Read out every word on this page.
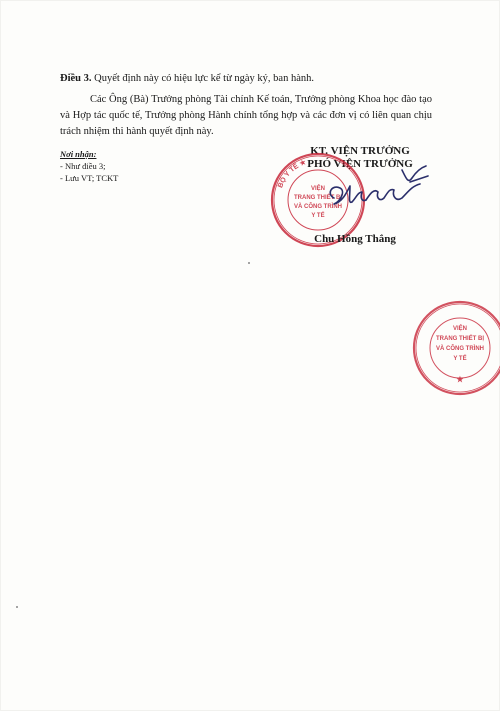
Điều 3. Quyết định này có hiệu lực kể từ ngày ký, ban hành.
Các Ông (Bà) Trưởng phòng Tài chính Kế toán, Trưởng phòng Khoa học đào tạo và Hợp tác quốc tế, Trưởng phòng Hành chính tổng hợp và các đơn vị có liên quan chịu trách nhiệm thi hành quyết định này.
Nơi nhận:
- Như điều 3;
- Lưu VT; TCKT
KT. VIỆN TRƯỞNG
PHÓ VIỆN TRƯỞNG
BỘ Y TẾ ★
VIỆN
TRANG THIẾT BỊ
VÀ CÔNG TRÌNH
Y TẾ
Chu Hồng Thắng
VIỆN
TRANG THIẾT BỊ
VÀ CÔNG TRÌNH
Y TẾ
★
